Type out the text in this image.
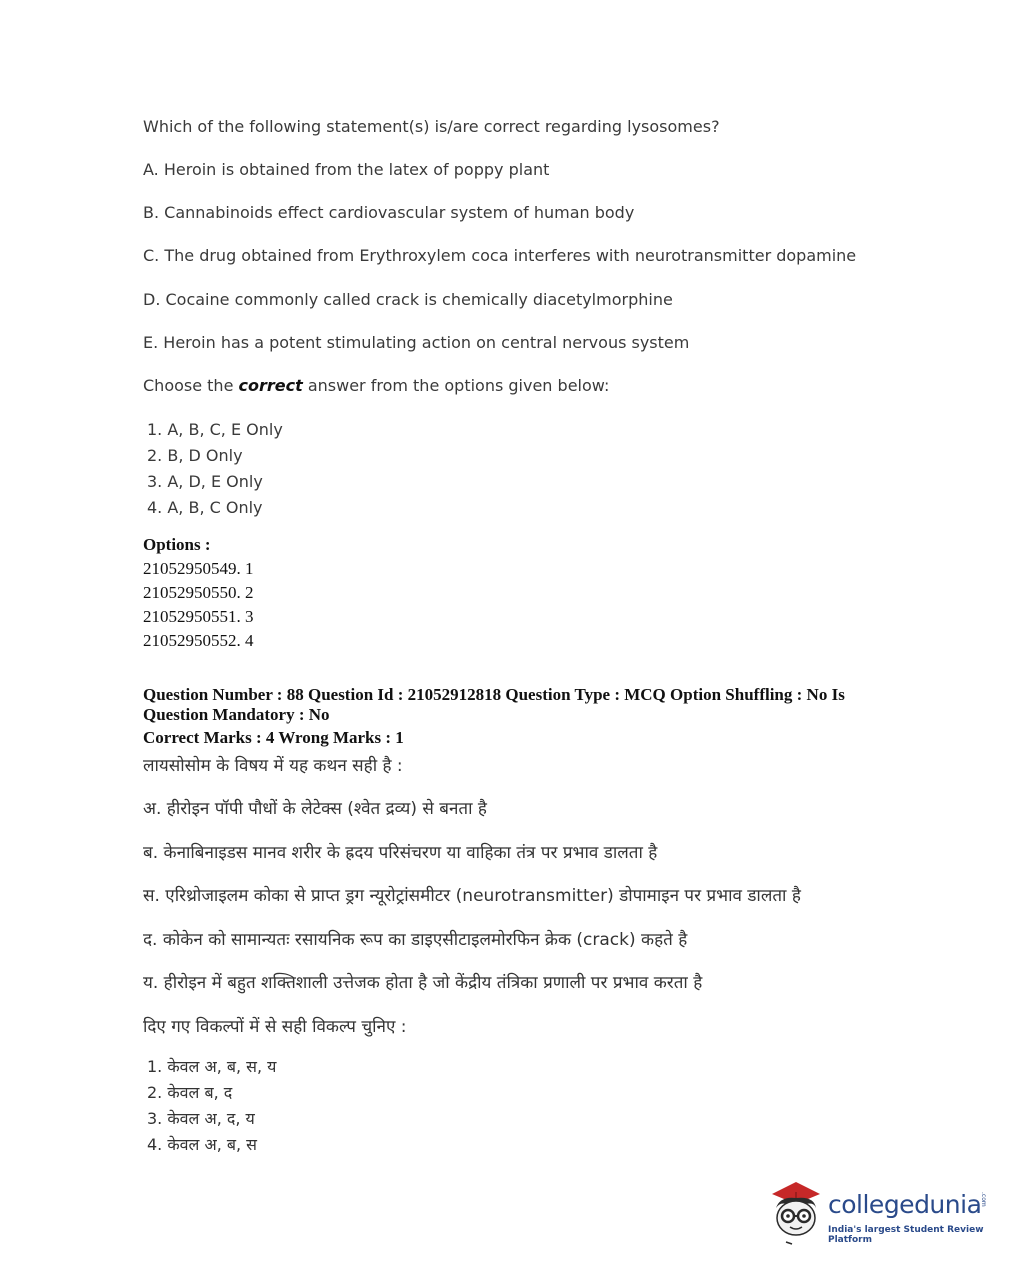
Which of the following statement(s) is/are correct regarding lysosomes?
A. Heroin is obtained from the latex of poppy plant
B. Cannabinoids effect cardiovascular system of human body
C. The drug obtained from Erythroxylem coca interferes with neurotransmitter dopamine
D. Cocaine commonly called crack is chemically diacetylmorphine
E. Heroin has a potent stimulating action on central nervous system
Choose the correct answer from the options given below:
1. A, B, C, E Only
2. B, D Only
3. A, D, E Only
4. A, B, C Only
Options :
21052950549. 1
21052950550. 2
21052950551. 3
21052950552. 4
Question Number : 88 Question Id : 21052912818 Question Type : MCQ Option Shuffling : No Is Question Mandatory : No
Correct Marks : 4 Wrong Marks : 1
लायसोसोम के विषय में यह कथन सही है :
अ. हीरोइन पॉपी पौधों के लेटेक्स (श्वेत द्रव्य) से बनता है
ब. केनाबिनाइडस मानव शरीर के ह्रदय परिसंचरण या वाहिका तंत्र पर प्रभाव डालता है
स. एरिथ्रोजाइलम कोका से प्राप्त ड्रग न्यूरोट्रांसमीटर (neurotransmitter) डोपामाइन पर प्रभाव डालता है
द. कोकेन को सामान्यतः रसायनिक रूप का डाइएसीटाइलमोरफिन क्रेक (crack) कहते है
य. हीरोइन में बहुत शक्तिशाली उत्तेजक होता है जो केंद्रीय तंत्रिका प्रणाली पर प्रभाव करता है
दिए गए विकल्पों में से सही विकल्प चुनिए :
1. केवल अ, ब, स, य
2. केवल ब, द
3. केवल अ, द, य
4. केवल अ, ब, स
collegedunia
.com
India's largest Student Review Platform
